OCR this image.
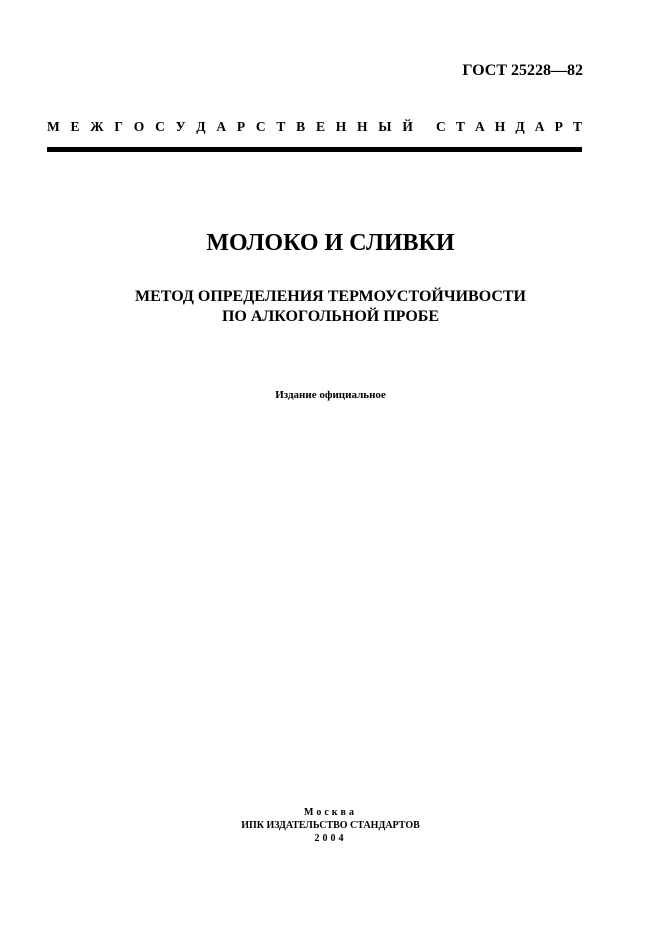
ГОСТ 25228—82
М Е Ж Г О С У Д А Р С Т В Е Н Н Ы Й С Т А Н Д А Р Т
МОЛОКО И СЛИВКИ
МЕТОД ОПРЕДЕЛЕНИЯ ТЕРМОУСТОЙЧИВОСТИ
ПО АЛКОГОЛЬНОЙ ПРОБЕ
Издание официальное
Москва
ИПК ИЗДАТЕЛЬСТВО СТАНДАРТОВ
2004
